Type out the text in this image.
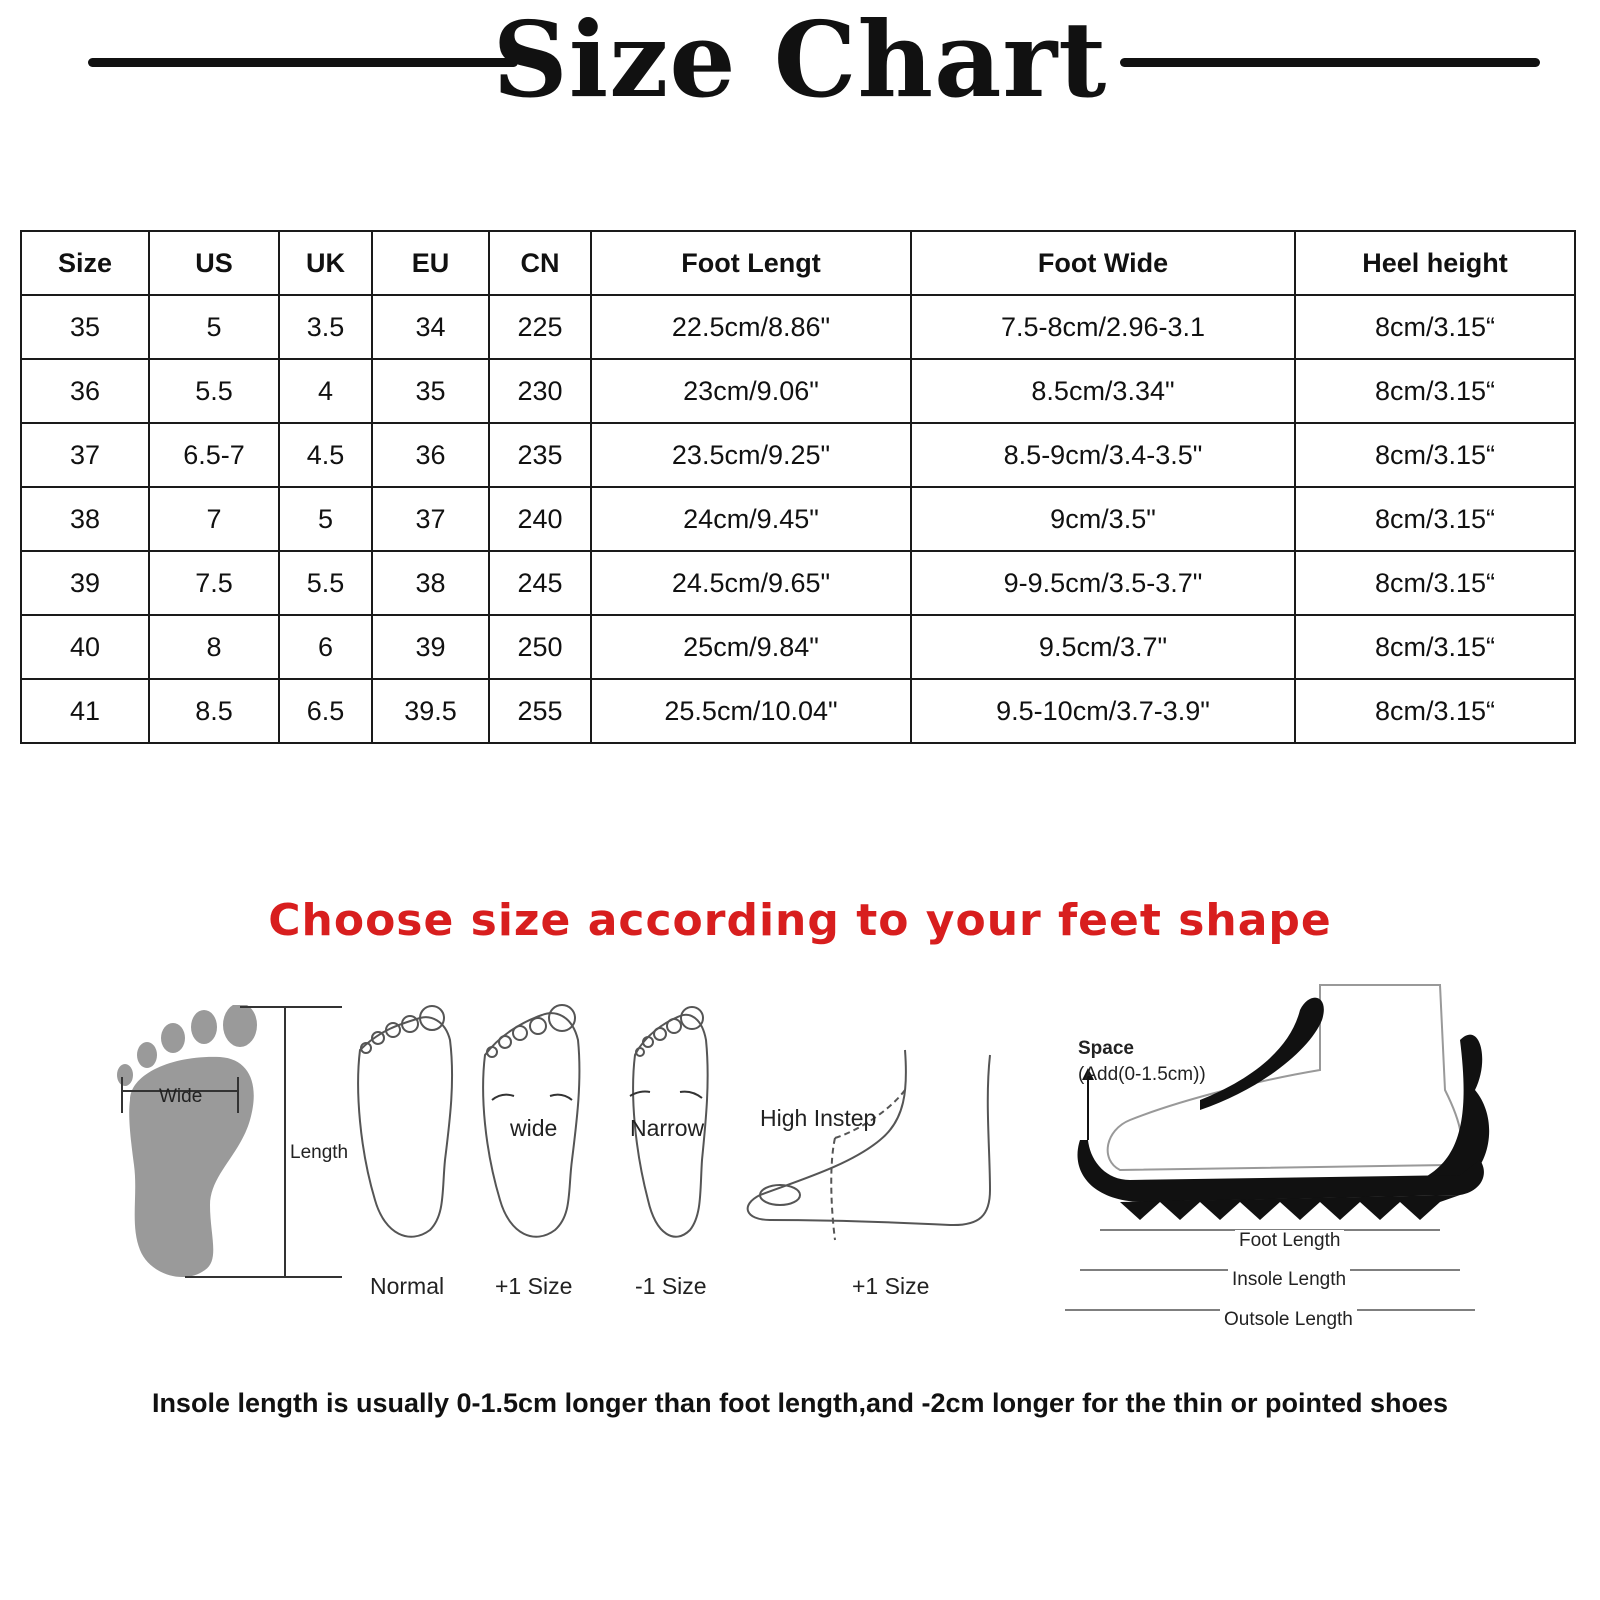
Size Chart
Size	US	UK	EU	CN	Foot Lengt	Foot Wide	Heel height
35	5	3.5	34	225	22.5cm/8.86"	7.5-8cm/2.96-3.1	8cm/3.15“
36	5.5	4	35	230	23cm/9.06"	8.5cm/3.34"	8cm/3.15“
37	6.5-7	4.5	36	235	23.5cm/9.25"	8.5-9cm/3.4-3.5"	8cm/3.15“
38	7	5	37	240	24cm/9.45"	9cm/3.5"	8cm/3.15“
39	7.5	5.5	38	245	24.5cm/9.65"	9-9.5cm/3.5-3.7"	8cm/3.15“
40	8	6	39	250	25cm/9.84"	9.5cm/3.7"	8cm/3.15“
41	8.5	6.5	39.5	255	25.5cm/10.04"	9.5-10cm/3.7-3.9"	8cm/3.15“
Choose size according to your feet shape
Wide
Length
Normal
wide
+1 Size
Narrow
-1 Size
High Instep
+1 Size
Space
(Add(0-1.5cm))
Foot Length
Insole Length
Outsole Length
Insole length is usually 0-1.5cm longer than foot length,and -2cm longer for the thin or pointed shoes
